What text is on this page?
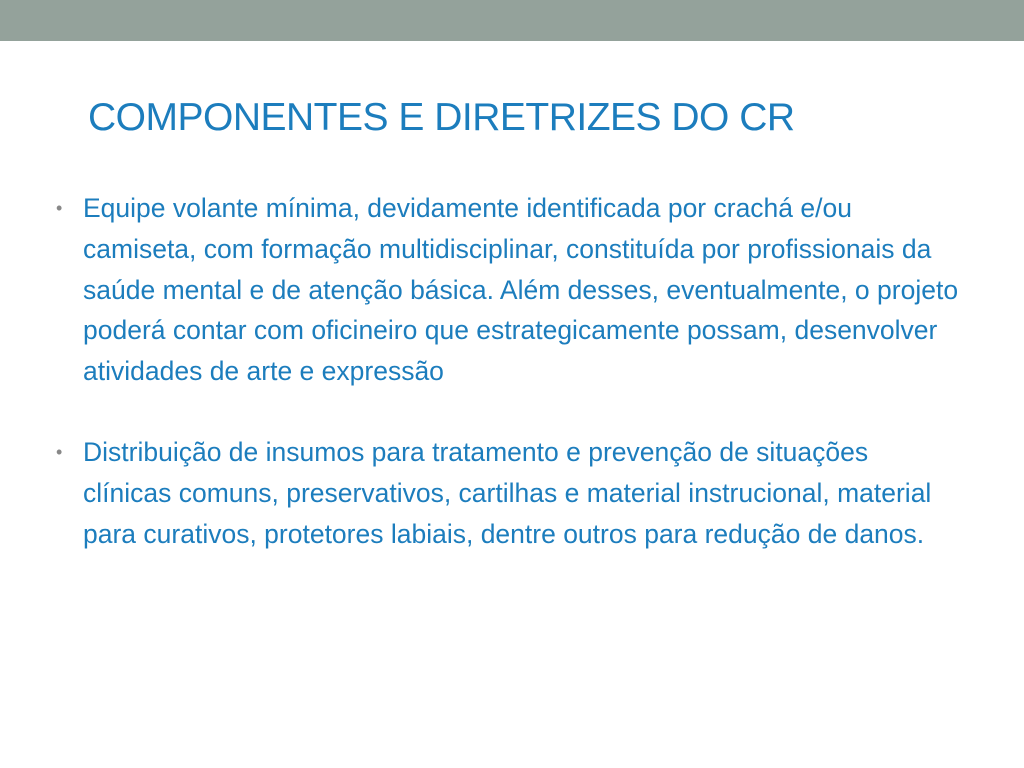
COMPONENTES E DIRETRIZES DO CR
• Equipe volante mínima, devidamente identificada por crachá e/ou camiseta, com formação multidisciplinar, constituída por profissionais da saúde mental e de atenção básica. Além desses, eventualmente, o projeto poderá contar com oficineiro que estrategicamente possam, desenvolver atividades de arte e expressão
• Distribuição de insumos para tratamento e prevenção de situações clínicas comuns, preservativos, cartilhas e material instrucional, material para curativos, protetores labiais, dentre outros para redução de danos.
